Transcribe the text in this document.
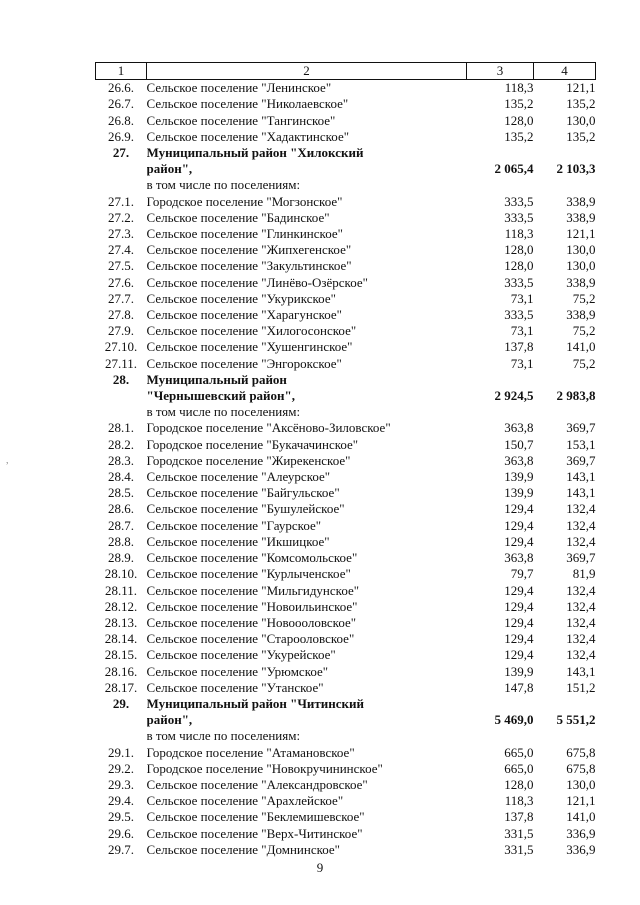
1	2	3	4
26.6.	Сельское поселение "Ленинское"	118,3	121,1
26.7.	Сельское поселение "Николаевское"	135,2	135,2
26.8.	Сельское поселение "Тангинское"	128,0	130,0
26.9.	Сельское поселение "Хадактинское"	135,2	135,2
27.	Муниципальный район "Хилокский		
	район",	2 065,4	2 103,3
	в том числе по поселениям:		
27.1.	Городское поселение "Могзонское"	333,5	338,9
27.2.	Сельское поселение "Бадинское"	333,5	338,9
27.3.	Сельское поселение "Глинкинское"	118,3	121,1
27.4.	Сельское поселение "Жипхегенское"	128,0	130,0
27.5.	Сельское поселение "Закультинское"	128,0	130,0
27.6.	Сельское поселение "Линёво-Озёрское"	333,5	338,9
27.7.	Сельское поселение "Укурикское"	73,1	75,2
27.8.	Сельское поселение "Харагунское"	333,5	338,9
27.9.	Сельское поселение "Хилогосонское"	73,1	75,2
27.10.	Сельское поселение "Хушенгинское"	137,8	141,0
27.11.	Сельское поселение "Энгорокское"	73,1	75,2
28.	Муниципальный район		
	"Чернышевский район",	2 924,5	2 983,8
	в том числе по поселениям:		
28.1.	Городское поселение "Аксёново-Зиловское"	363,8	369,7
28.2.	Городское поселение "Букачачинское"	150,7	153,1
28.3.	Городское поселение "Жирекенское"	363,8	369,7
28.4.	Сельское поселение "Алеурское"	139,9	143,1
28.5.	Сельское поселение "Байгульское"	139,9	143,1
28.6.	Сельское поселение "Бушулейское"	129,4	132,4
28.7.	Сельское поселение "Гаурское"	129,4	132,4
28.8.	Сельское поселение "Икшицкое"	129,4	132,4
28.9.	Сельское поселение "Комсомольское"	363,8	369,7
28.10.	Сельское поселение "Курлыченское"	79,7	81,9
28.11.	Сельское поселение "Мильгидунское"	129,4	132,4
28.12.	Сельское поселение "Новоильинское"	129,4	132,4
28.13.	Сельское поселение "Новоооловское"	129,4	132,4
28.14.	Сельское поселение "Старооловское"	129,4	132,4
28.15.	Сельское поселение "Укурейское"	129,4	132,4
28.16.	Сельское поселение "Урюмское"	139,9	143,1
28.17.	Сельское поселение "Утанское"	147,8	151,2
29.	Муниципальный район "Читинский		
	район",	5 469,0	5 551,2
	в том числе по поселениям:		
29.1.	Городское поселение "Атамановское"	665,0	675,8
29.2.	Городское поселение "Новокручининское"	665,0	675,8
29.3.	Сельское поселение "Александровское"	128,0	130,0
29.4.	Сельское поселение "Арахлейское"	118,3	121,1
29.5.	Сельское поселение "Беклемишевское"	137,8	141,0
29.6.	Сельское поселение "Верх-Читинское"	331,5	336,9
29.7.	Сельское поселение "Домнинское"	331,5	336,9
9
,
